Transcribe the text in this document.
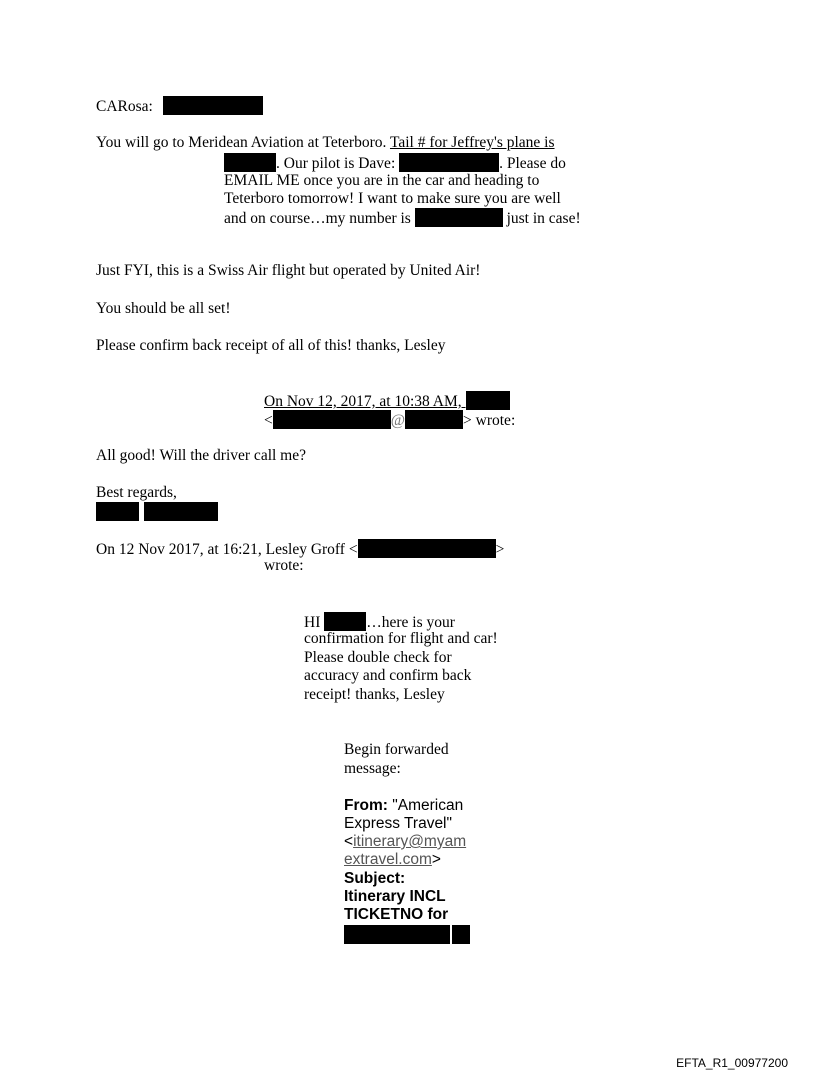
CARosa:
You will go to Meridean Aviation at Teterboro. Tail # for Jeffrey's plane is
. Our pilot is Dave:	. Please do
EMAIL ME once you are in the car and heading to
Teterboro tomorrow! I want to make sure you are well
and on course…my number is	just in case!
Just FYI, this is a Swiss Air flight but operated by United Air!
You should be all set!
Please confirm back receipt of all of this! thanks, Lesley
On Nov 12, 2017, at 10:38 AM,
<	@	> wrote:
All good! Will the driver call me?
Best regards,

On 12 Nov 2017, at 16:21, Lesley Groff <	>
wrote:
HI	…here is your
confirmation for flight and car!
Please double check for
accuracy and confirm back
receipt! thanks, Lesley
Begin forwarded
message:
From: "American
Express Travel"
<itinerary@myam
extravel.com>
Subject:
Itinerary INCL
TICKETNO for
EFTA_R1_00977200
